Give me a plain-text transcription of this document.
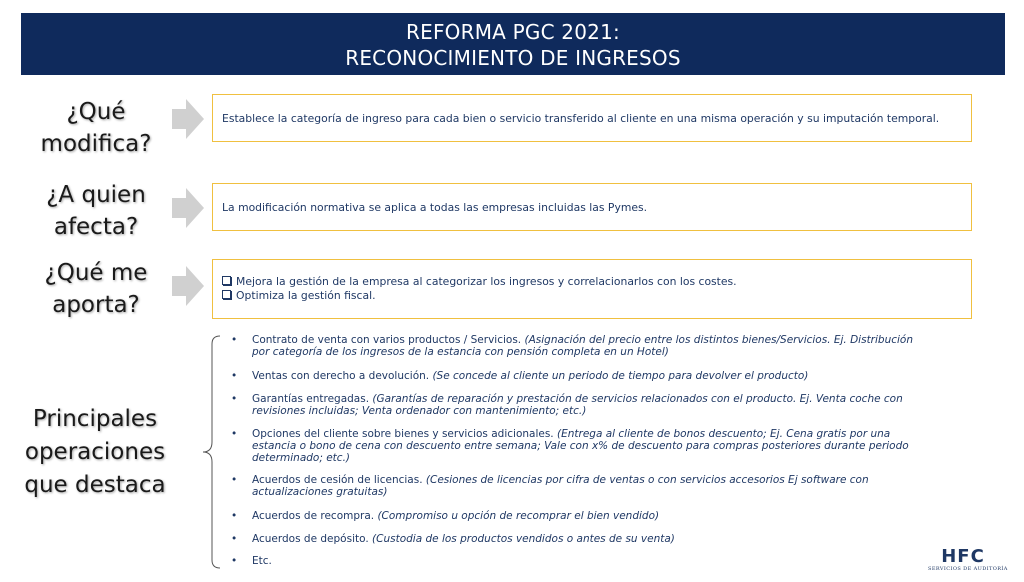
REFORMA PGC 2021:
RECONOCIMIENTO DE INGRESOS
¿Qué
modifica?
Establece la categoría de ingreso para cada bien o servicio transferido al cliente en una misma operación y su imputación temporal.
¿A quien
afecta?
La modificación normativa se aplica a todas las empresas incluidas las Pymes.
¿Qué me
aporta?
Mejora la gestión de la empresa al categorizar los ingresos y correlacionarlos con los costes.
Optimiza la gestión fiscal.
Principales
operaciones
que destaca
• Contrato de venta con varios productos / Servicios. (Asignación del precio entre los distintos bienes/Servicios. Ej. Distribución
por categoría de los ingresos de la estancia con pensión completa en un Hotel)
• Ventas con derecho a devolución. (Se concede al cliente un periodo de tiempo para devolver el producto)
• Garantías entregadas. (Garantías de reparación y prestación de servicios relacionados con el producto. Ej. Venta coche con
revisiones incluidas; Venta ordenador con mantenimiento; etc.)
• Opciones del cliente sobre bienes y servicios adicionales. (Entrega al cliente de bonos descuento; Ej. Cena gratis por una
estancia o bono de cena con descuento entre semana; Vale con x% de descuento para compras posteriores durante periodo
determinado; etc.)
• Acuerdos de cesión de licencias. (Cesiones de licencias por cifra de ventas o con servicios accesorios Ej software con
actualizaciones gratuitas)
• Acuerdos de recompra. (Compromiso u opción de recomprar el bien vendido)
• Acuerdos de depósito. (Custodia de los productos vendidos o antes de su venta)
• Etc.	HFC
SERVICIOS DE AUDITORÍA
